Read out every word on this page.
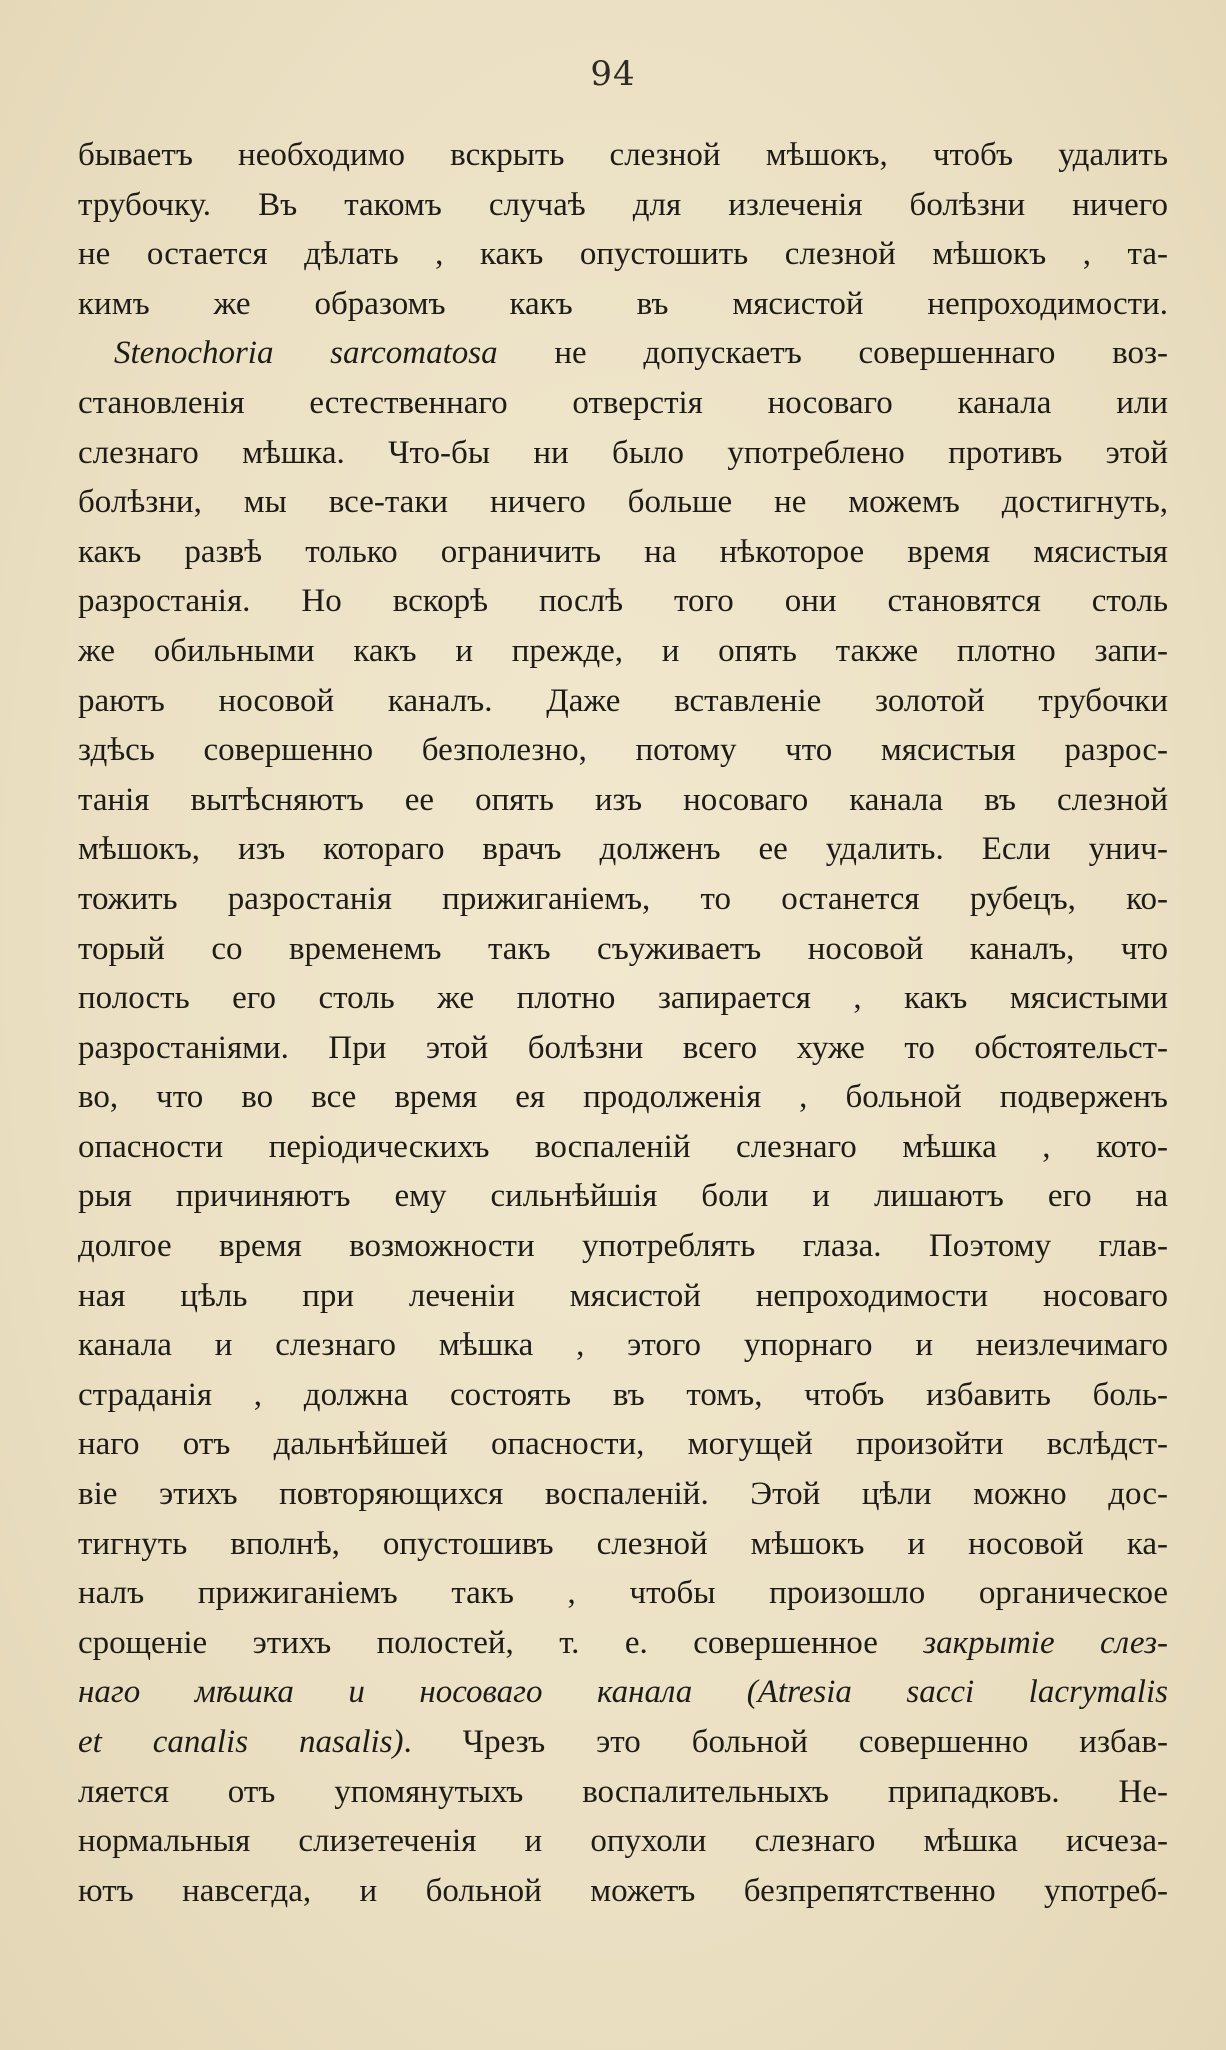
94
бываетъ необходимо вскрыть слезной мѣшокъ, чтобъ удалить
трубочку. Въ такомъ случаѣ для излеченія болѣзни ничего
не остается дѣлать , какъ опустошить слезной мѣшокъ , та-
кимъ же образомъ какъ въ мясистой непроходимости.
Stenochoria sarcomatosa не допускаетъ совершеннаго воз-
становленія естественнаго отверстія носоваго канала или
слезнаго мѣшка. Что-бы ни было употреблено противъ этой
болѣзни, мы все-таки ничего больше не можемъ достигнуть,
какъ развѣ только ограничить на нѣкоторое время мясистыя
разростанія. Но вскорѣ послѣ того они становятся столь
же обильными какъ и прежде, и опять также плотно запи-
раютъ носовой каналъ. Даже вставленіе золотой трубочки
здѣсь совершенно безполезно, потому что мясистыя разрос-
танія вытѣсняютъ ее опять изъ носоваго канала въ слезной
мѣшокъ, изъ котораго врачъ долженъ ее удалить. Если унич-
тожить разростанія прижиганіемъ, то останется рубецъ, ко-
торый со временемъ такъ съуживаетъ носовой каналъ, что
полость его столь же плотно запирается , какъ мясистыми
разростаніями. При этой болѣзни всего хуже то обстоятельст-
во, что во все время ея продолженія , больной подверженъ
опасности періодическихъ воспаленій слезнаго мѣшка , кото-
рыя причиняютъ ему сильнѣйшія боли и лишаютъ его на
долгое время возможности употреблять глаза. Поэтому глав-
ная цѣль при леченіи мясистой непроходимости носоваго
канала и слезнаго мѣшка , этого упорнаго и неизлечимаго
страданія , должна состоять въ томъ, чтобъ избавить боль-
наго отъ дальнѣйшей опасности, могущей произойти вслѣдст-
віе этихъ повторяющихся воспаленій. Этой цѣли можно дос-
тигнуть вполнѣ, опустошивъ слезной мѣшокъ и носовой ка-
налъ прижиганіемъ такъ , чтобы произошло органическое
срощеніе этихъ полостей, т. е. совершенное закрытіе слез-
наго мѣшка и носоваго канала (Atresia sacci lacrymalis
et canalis nasalis). Чрезъ это больной совершенно избав-
ляется отъ упомянутыхъ воспалительныхъ припадковъ. Не-
нормальныя слизетеченія и опухоли слезнаго мѣшка исчеза-
ютъ навсегда, и больной можетъ безпрепятственно употреб-
